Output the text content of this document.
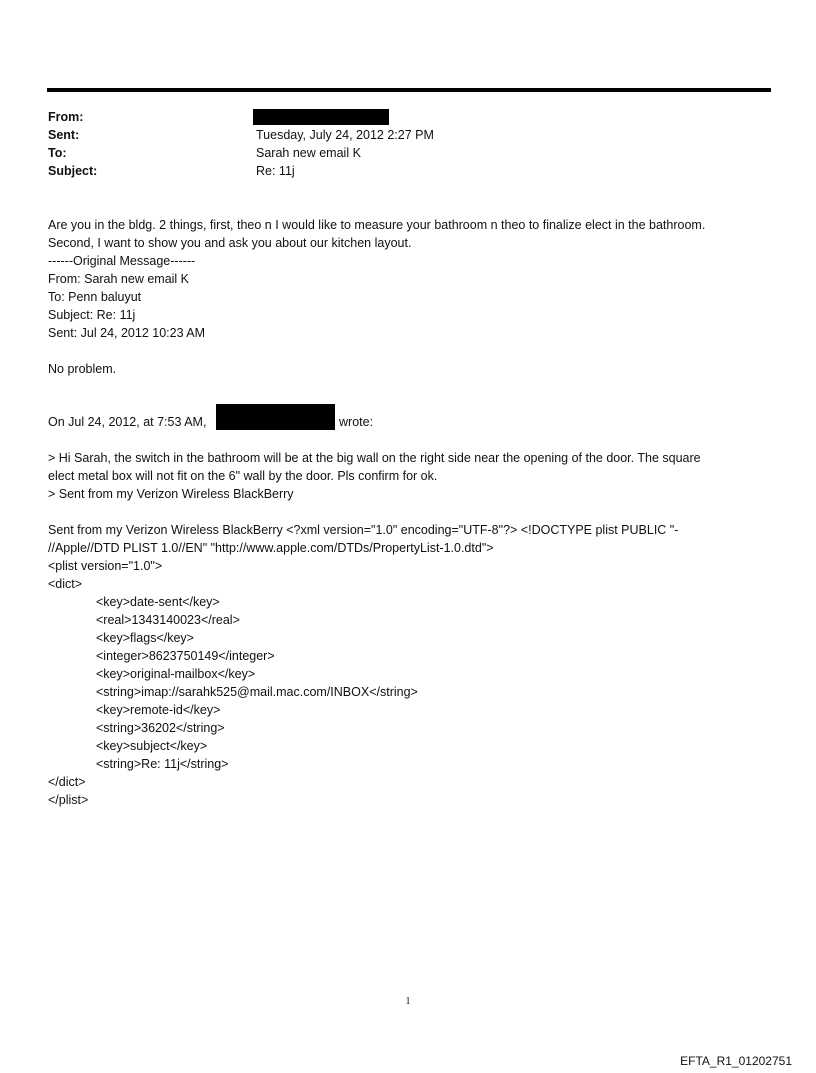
From:
Sent:	Tuesday, July 24, 2012 2:27 PM
To:	Sarah new email K
Subject:	Re: 11j
Are you in the bldg. 2 things, first, theo n I would like to measure your bathroom n theo to finalize elect in the bathroom.
Second, I want to show you and ask you about our kitchen layout.
------Original Message------
From: Sarah new email K
To: Penn baluyut
Subject: Re: 11j
Sent: Jul 24, 2012 10:23 AM
No problem.
On Jul 24, 2012, at 7:53 AM,	wrote:
> Hi Sarah, the switch in the bathroom will be at the big wall on the right side near the opening of the door. The square
elect metal box will not fit on the 6" wall by the door. Pls confirm for ok.
> Sent from my Verizon Wireless BlackBerry
Sent from my Verizon Wireless BlackBerry <?xml version="1.0" encoding="UTF-8"?> <!DOCTYPE plist PUBLIC "-
//Apple//DTD PLIST 1.0//EN" "http://www.apple.com/DTDs/PropertyList-1.0.dtd">
<plist version="1.0">
<dict>
<key>date-sent</key>
<real>1343140023</real>
<key>flags</key>
<integer>8623750149</integer>
<key>original-mailbox</key>
<string>imap://sarahk525@mail.mac.com/INBOX</string>
<key>remote-id</key>
<string>36202</string>
<key>subject</key>
<string>Re: 11j</string>
</dict>
</plist>
1
EFTA_R1_01202751
